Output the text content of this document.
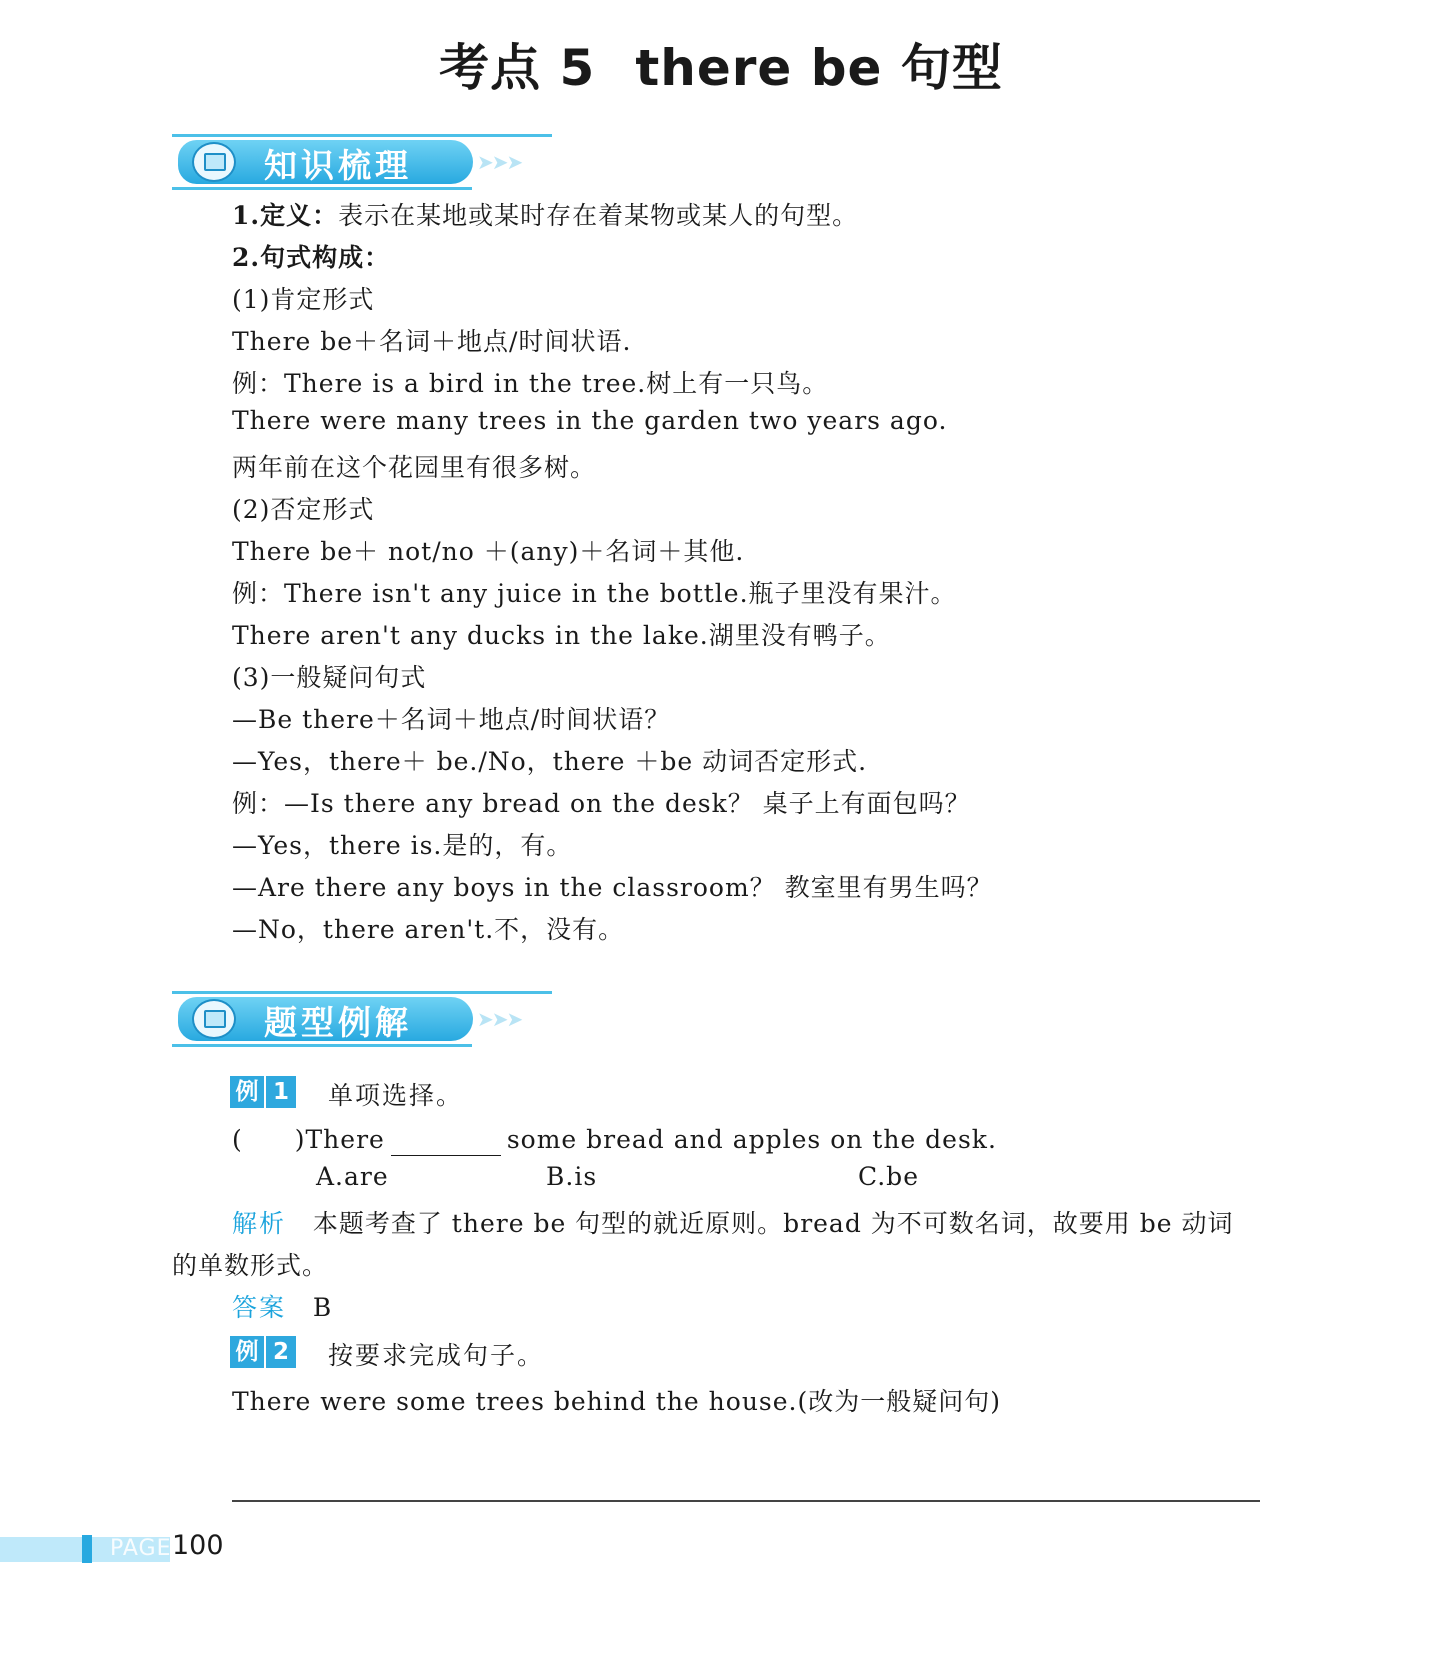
考点 5 there be 句型
知识梳理	➤➤➤
1.定义：表示在某地或某时存在着某物或某人的句型。
2.句式构成：
(1)肯定形式
There be＋名词＋地点/时间状语.
例：There is a bird in the tree.树上有一只鸟。
There were many trees in the garden two years ago.
两年前在这个花园里有很多树。
(2)否定形式
There be＋ not/no ＋(any)＋名词＋其他.
例：There isn't any juice in the bottle.瓶子里没有果汁。
There aren't any ducks in the lake.湖里没有鸭子。
(3)一般疑问句式
—Be there＋名词＋地点/时间状语？
—Yes，there＋ be./No，there ＋be 动词否定形式.
例：—Is there any bread on the desk？ 桌子上有面包吗？
—Yes，there is.是的，有。
—Are there any boys in the classroom？ 教室里有男生吗？
—No，there aren't.不，没有。
题型例解	➤➤➤
例 1 单项选择。
(　　)There	some bread and apples on the desk.
A.are	B.is	C.be
解析 本题考查了 there be 句型的就近原则。bread 为不可数名词，故要用 be 动词
的单数形式。
答案 B
例 2 按要求完成句子。
There were some trees behind the house.(改为一般疑问句)
PAGE 100
